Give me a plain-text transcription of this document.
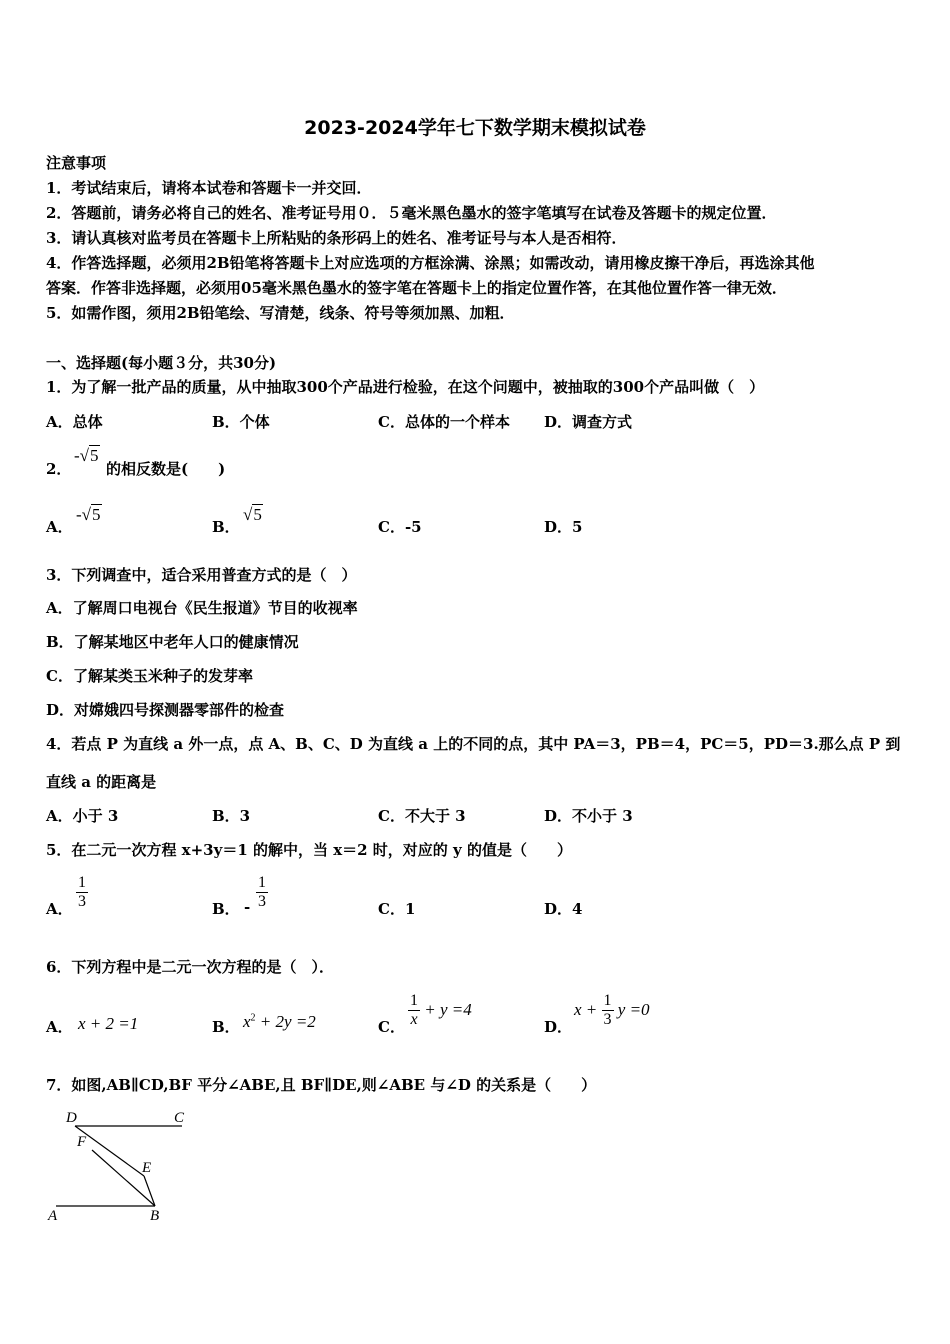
2023-2024学年七下数学期末模拟试卷
注意事项
1．考试结束后，请将本试卷和答题卡一并交回．
2．答题前，请务必将自己的姓名、准考证号用０．５毫米黑色墨水的签字笔填写在试卷及答题卡的规定位置．
3．请认真核对监考员在答题卡上所粘贴的条形码上的姓名、准考证号与本人是否相符．
4．作答选择题，必须用2B铅笔将答题卡上对应选项的方框涂满、涂黑；如需改动，请用橡皮擦干净后，再选涂其他
答案．作答非选择题，必须用05毫米黑色墨水的签字笔在答题卡上的指定位置作答，在其他位置作答一律无效．
5．如需作图，须用2B铅笔绘、写清楚，线条、符号等须加黑、加粗．
一、选择题(每小题３分，共30分)
1．为了解一批产品的质量，从中抽取300个产品进行检验，在这个问题中，被抽取的300个产品叫做（　）
A．总体	B．个体	C．总体的一个样本 D．调查方式
2．
-√5
的相反数是(　　)
A．
-√5
B．
√5
C．-5	D．5
3．下列调查中，适合采用普查方式的是（　）
A．了解周口电视台《民生报道》节目的收视率
B．了解某地区中老年人口的健康情况
C．了解某类玉米种子的发芽率
D．对嫦娥四号探测器零部件的检查
4．若点 P 为直线 a 外一点，点 A、B、C、D 为直线 a 上的不同的点，其中 PA＝3，PB＝4，PC＝5，PD＝3.那么点 P 到
直线 a 的距离是
A．小于 3	B．3	C．不大于 3	D．不小于 3
5．在二元一次方程 x+3y＝1 的解中，当 x＝2 时，对应的 y 的值是（　　）
A． $\frac{1}{3}$	B． - $\frac{1}{3}$	C．1	D．4
6．下列方程中是二元一次方程的是（　）．
A． x + 2 =1	B． $x^2 + 2y =2$	C． $\frac{1}{x} + y =4$
D．
$x + \frac{1}{3}$ y =0
7．如图,AB∥CD,BF 平分∠ABE,且 BF∥DE,则∠ABE 与∠D 的关系是（　　）
D	C
F
E
A	B
